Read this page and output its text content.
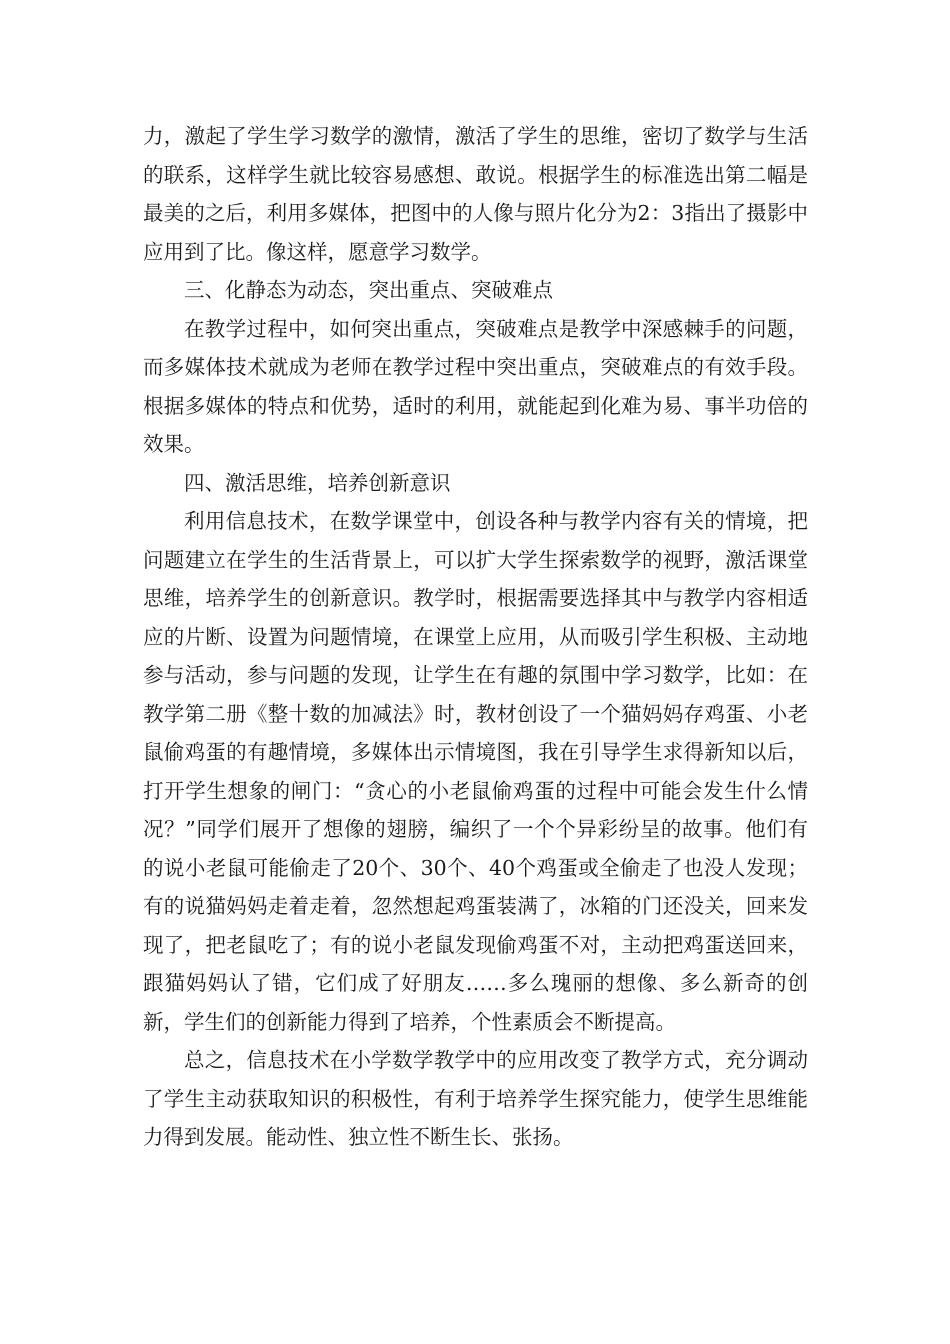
力，激起了学生学习数学的激情，激活了学生的思维，密切了数学与生活的联系，这样学生就比较容易感想、敢说。根据学生的标准选出第二幅是最美的之后，利用多媒体，把图中的人像与照片化分为2：3指出了摄影中应用到了比。像这样，愿意学习数学。

三、化静态为动态，突出重点、突破难点

在教学过程中，如何突出重点，突破难点是教学中深感棘手的问题，而多媒体技术就成为老师在教学过程中突出重点，突破难点的有效手段。根据多媒体的特点和优势，适时的利用，就能起到化难为易、事半功倍的效果。

四、激活思维，培养创新意识

利用信息技术，在数学课堂中，创设各种与教学内容有关的情境，把问题建立在学生的生活背景上，可以扩大学生探索数学的视野，激活课堂思维，培养学生的创新意识。教学时，根据需要选择其中与教学内容相适应的片断、设置为问题情境，在课堂上应用，从而吸引学生积极、主动地参与活动，参与问题的发现，让学生在有趣的氛围中学习数学，比如：在教学第二册《整十数的加减法》时，教材创设了一个猫妈妈存鸡蛋、小老鼠偷鸡蛋的有趣情境，多媒体出示情境图，我在引导学生求得新知以后，打开学生想象的闸门：“贪心的小老鼠偷鸡蛋的过程中可能会发生什么情况？”同学们展开了想像的翅膀，编织了一个个异彩纷呈的故事。他们有的说小老鼠可能偷走了20个、30个、40个鸡蛋或全偷走了也没人发现；有的说猫妈妈走着走着，忽然想起鸡蛋装满了，冰箱的门还没关，回来发现了，把老鼠吃了；有的说小老鼠发现偷鸡蛋不对，主动把鸡蛋送回来，跟猫妈妈认了错，它们成了好朋友……多么瑰丽的想像、多么新奇的创新，学生们的创新能力得到了培养，个性素质会不断提高。

总之，信息技术在小学数学教学中的应用改变了教学方式，充分调动了学生主动获取知识的积极性，有利于培养学生探究能力，使学生思维能力得到发展。能动性、独立性不断生长、张扬。
